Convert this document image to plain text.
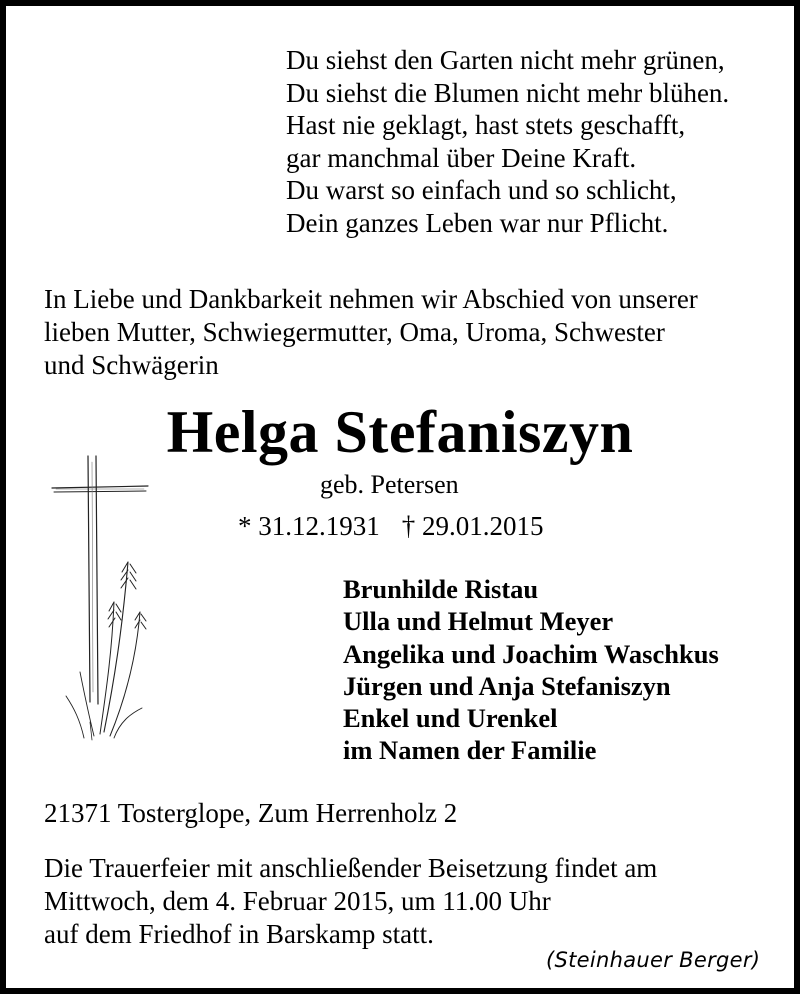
Du siehst den Garten nicht mehr grünen,
Du siehst die Blumen nicht mehr blühen.
Hast nie geklagt, hast stets geschafft,
gar manchmal über Deine Kraft.
Du warst so einfach und so schlicht,
Dein ganzes Leben war nur Pflicht.
In Liebe und Dankbarkeit nehmen wir Abschied von unserer
lieben Mutter, Schwiegermutter, Oma, Uroma, Schwester
und Schwägerin
Helga Stefaniszyn
geb. Petersen
* 31.12.1931 † 29.01.2015
Brunhilde Ristau
Ulla und Helmut Meyer
Angelika und Joachim Waschkus
Jürgen und Anja Stefaniszyn
Enkel und Urenkel
im Namen der Familie
21371 Tosterglope, Zum Herrenholz 2
Die Trauerfeier mit anschließender Beisetzung findet am
Mittwoch, dem 4. Februar 2015, um 11.00 Uhr
auf dem Friedhof in Barskamp statt.
(Steinhauer Berger)
